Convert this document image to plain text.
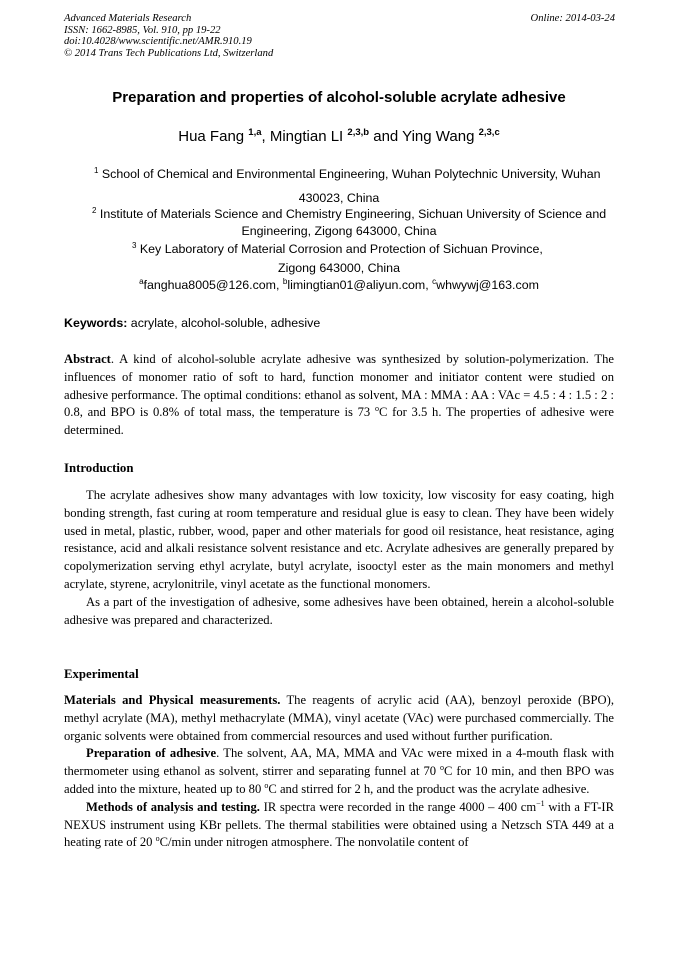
Advanced Materials Research
ISSN: 1662-8985, Vol. 910, pp 19-22
doi:10.4028/www.scientific.net/AMR.910.19
© 2014 Trans Tech Publications Ltd, Switzerland
Online: 2014-03-24
Preparation and properties of alcohol-soluble acrylate adhesive
Hua Fang $^{1,a}$, Mingtian LI $^{2,3,b}$ and Ying Wang $^{2,3,c}$
$^1$ School of Chemical and Environmental Engineering, Wuhan Polytechnic University, Wuhan
430023, China
$^2$ Institute of Materials Science and Chemistry Engineering, Sichuan University of Science and
Engineering, Zigong 643000, China
$^3$ Key Laboratory of Material Corrosion and Protection of Sichuan Province,
Zigong 643000, China
$^a$fanghua8005@126.com, $^b$limingtian01@aliyun.com, $^c$whwywj@163.com
Keywords: acrylate, alcohol-soluble, adhesive

Abstract. A kind of alcohol-soluble acrylate adhesive was synthesized by solution-polymerization. The influences of monomer ratio of soft to hard, function monomer and initiator content were studied on adhesive performance. The optimal conditions: ethanol as solvent, MA : MMA : AA : VAc = 4.5 : 4 : 1.5 : 2 : 0.8, and BPO is 0.8% of total mass, the temperature is 73 $^o$C for 3.5 h. The properties of adhesive were determined.

Introduction

The acrylate adhesives show many advantages with low toxicity, low viscosity for easy coating, high bonding strength, fast curing at room temperature and residual glue is easy to clean. They have been widely used in metal, plastic, rubber, wood, paper and other materials for good oil resistance, heat resistance, aging resistance, acid and alkali resistance solvent resistance and etc. Acrylate adhesives are generally prepared by copolymerization serving ethyl acrylate, butyl acrylate, isooctyl ester as the main monomers and methyl acrylate, styrene, acrylonitrile, vinyl acetate as the functional monomers.

As a part of the investigation of adhesive, some adhesives have been obtained, herein a alcohol-soluble adhesive was prepared and characterized.

Experimental

Materials and Physical measurements. The reagents of acrylic acid (AA), benzoyl peroxide (BPO), methyl acrylate (MA), methyl methacrylate (MMA), vinyl acetate (VAc) were purchased commercially. The organic solvents were obtained from commercial resources and used without further purification.

Preparation of adhesive. The solvent, AA, MA, MMA and VAc were mixed in a 4-mouth flask with thermometer using ethanol as solvent, stirrer and separating funnel at 70 $^o$C for 10 min, and then BPO was added into the mixture, heated up to 80 $^o$C and stirred for 2 h, and the product was the acrylate adhesive.

Methods of analysis and testing. IR spectra were recorded in the range 4000 – 400 $cm^{-1}$ with a FT-IR NEXUS instrument using KBr pellets. The thermal stabilities were obtained using a Netzsch STA 449 at a heating rate of 20 $^o$C/min under nitrogen atmosphere. The nonvolatile content of
